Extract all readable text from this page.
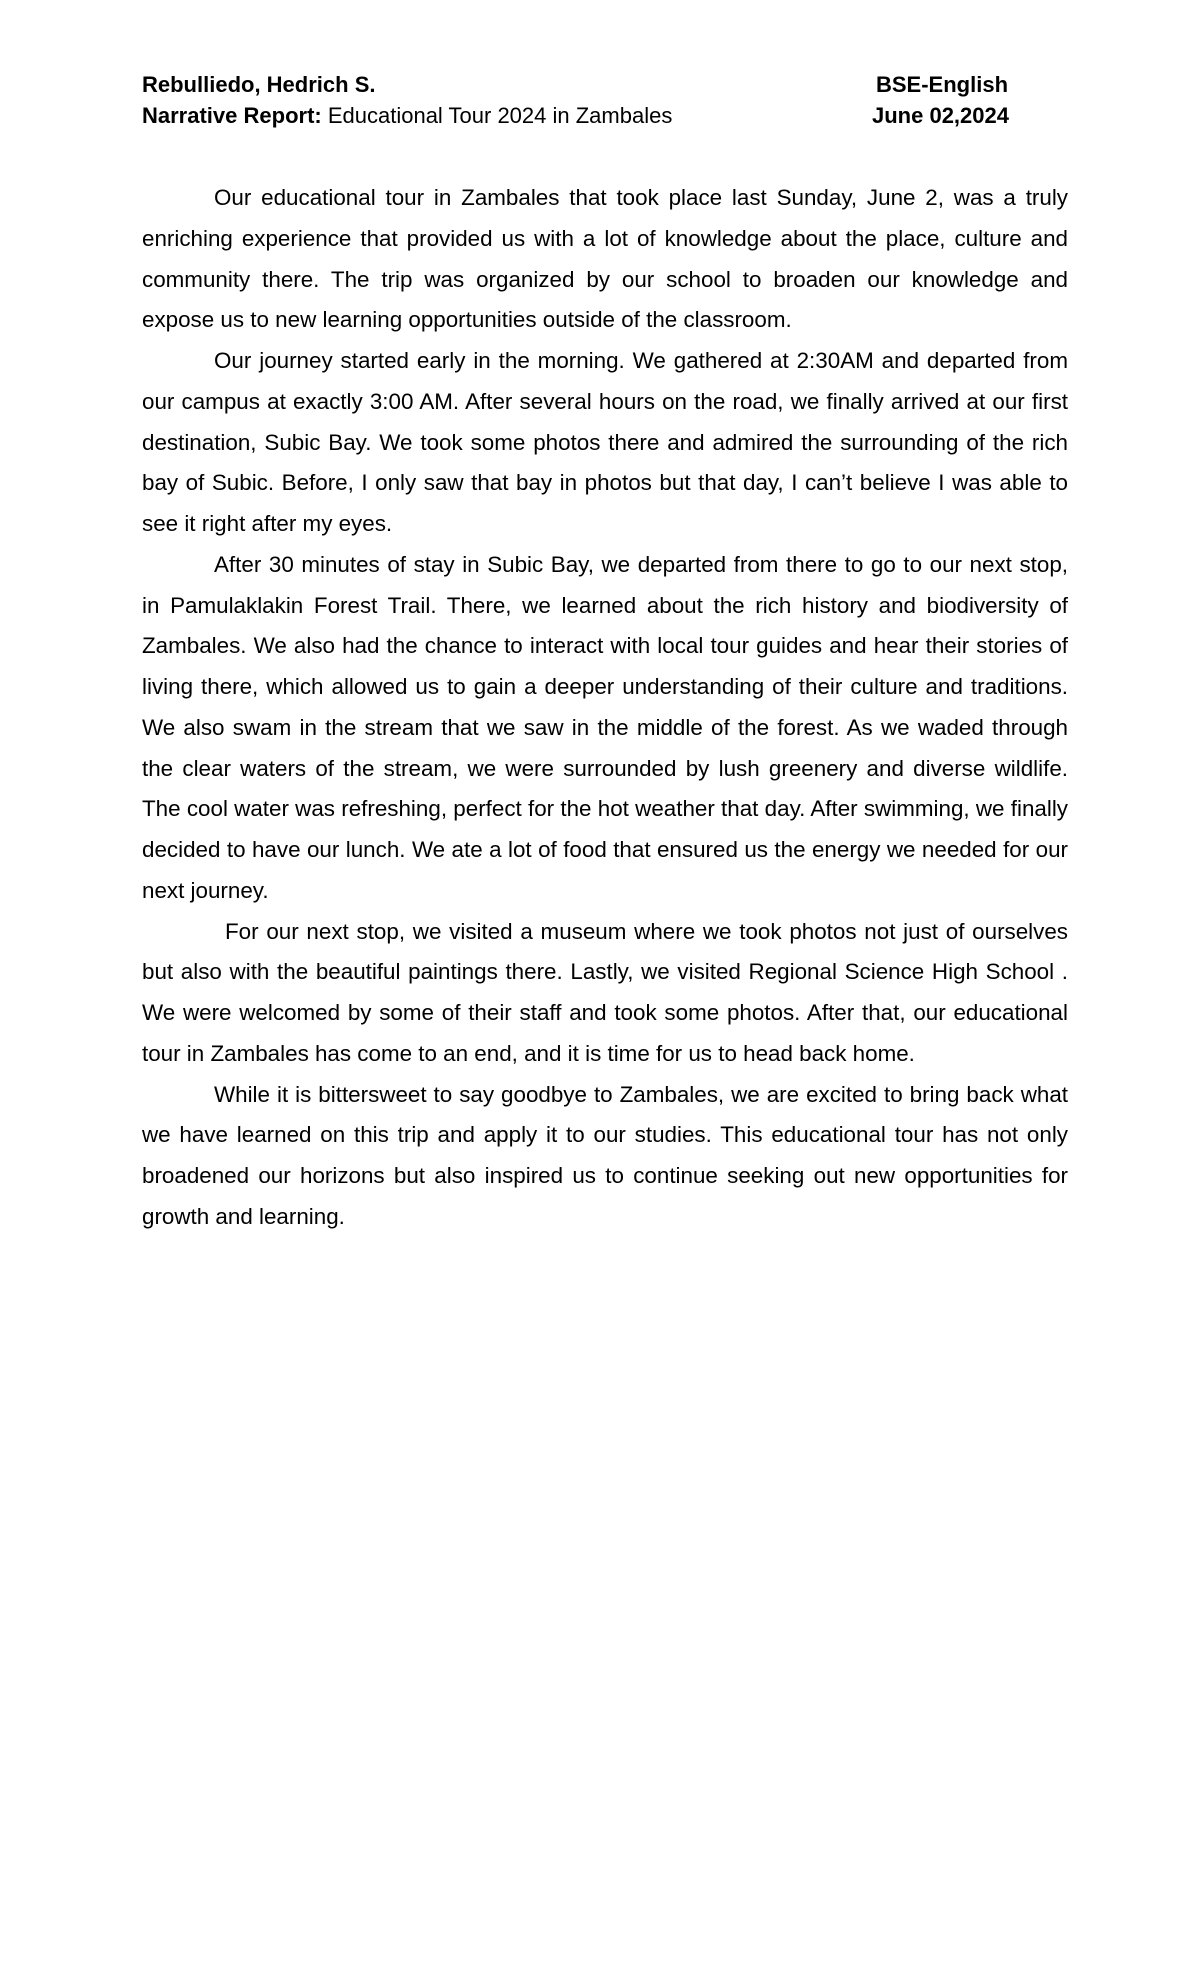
Rebulliedo, Hedrich S.	BSE-English
Narrative Report: Educational Tour 2024 in Zambales	June 02,2024

Our educational tour in Zambales that took place last Sunday, June 2, was a truly enriching experience that provided us with a lot of knowledge about the place, culture and community there. The trip was organized by our school to broaden our knowledge and expose us to new learning opportunities outside of the classroom.

Our journey started early in the morning. We gathered at 2:30AM and departed from our campus at exactly 3:00 AM. After several hours on the road, we finally arrived at our first destination, Subic Bay. We took some photos there and admired the surrounding of the rich bay of Subic. Before, I only saw that bay in photos but that day, I can’t believe I was able to see it right after my eyes.

After 30 minutes of stay in Subic Bay, we departed from there to go to our next stop, in Pamulaklakin Forest Trail. There, we learned about the rich history and biodiversity of Zambales. We also had the chance to interact with local tour guides and hear their stories of living there, which allowed us to gain a deeper understanding of their culture and traditions. We also swam in the stream that we saw in the middle of the forest. As we waded through the clear waters of the stream, we were surrounded by lush greenery and diverse wildlife. The cool water was refreshing, perfect for the hot weather that day. After swimming, we finally decided to have our lunch. We ate a lot of food that ensured us the energy we needed for our next journey.

For our next stop, we visited a museum where we took photos not just of ourselves but also with the beautiful paintings there. Lastly, we visited Regional Science High School . We were welcomed by some of their staff and took some photos. After that, our educational tour in Zambales has come to an end, and it is time for us to head back home.

While it is bittersweet to say goodbye to Zambales, we are excited to bring back what we have learned on this trip and apply it to our studies. This educational tour has not only broadened our horizons but also inspired us to continue seeking out new opportunities for growth and learning.
